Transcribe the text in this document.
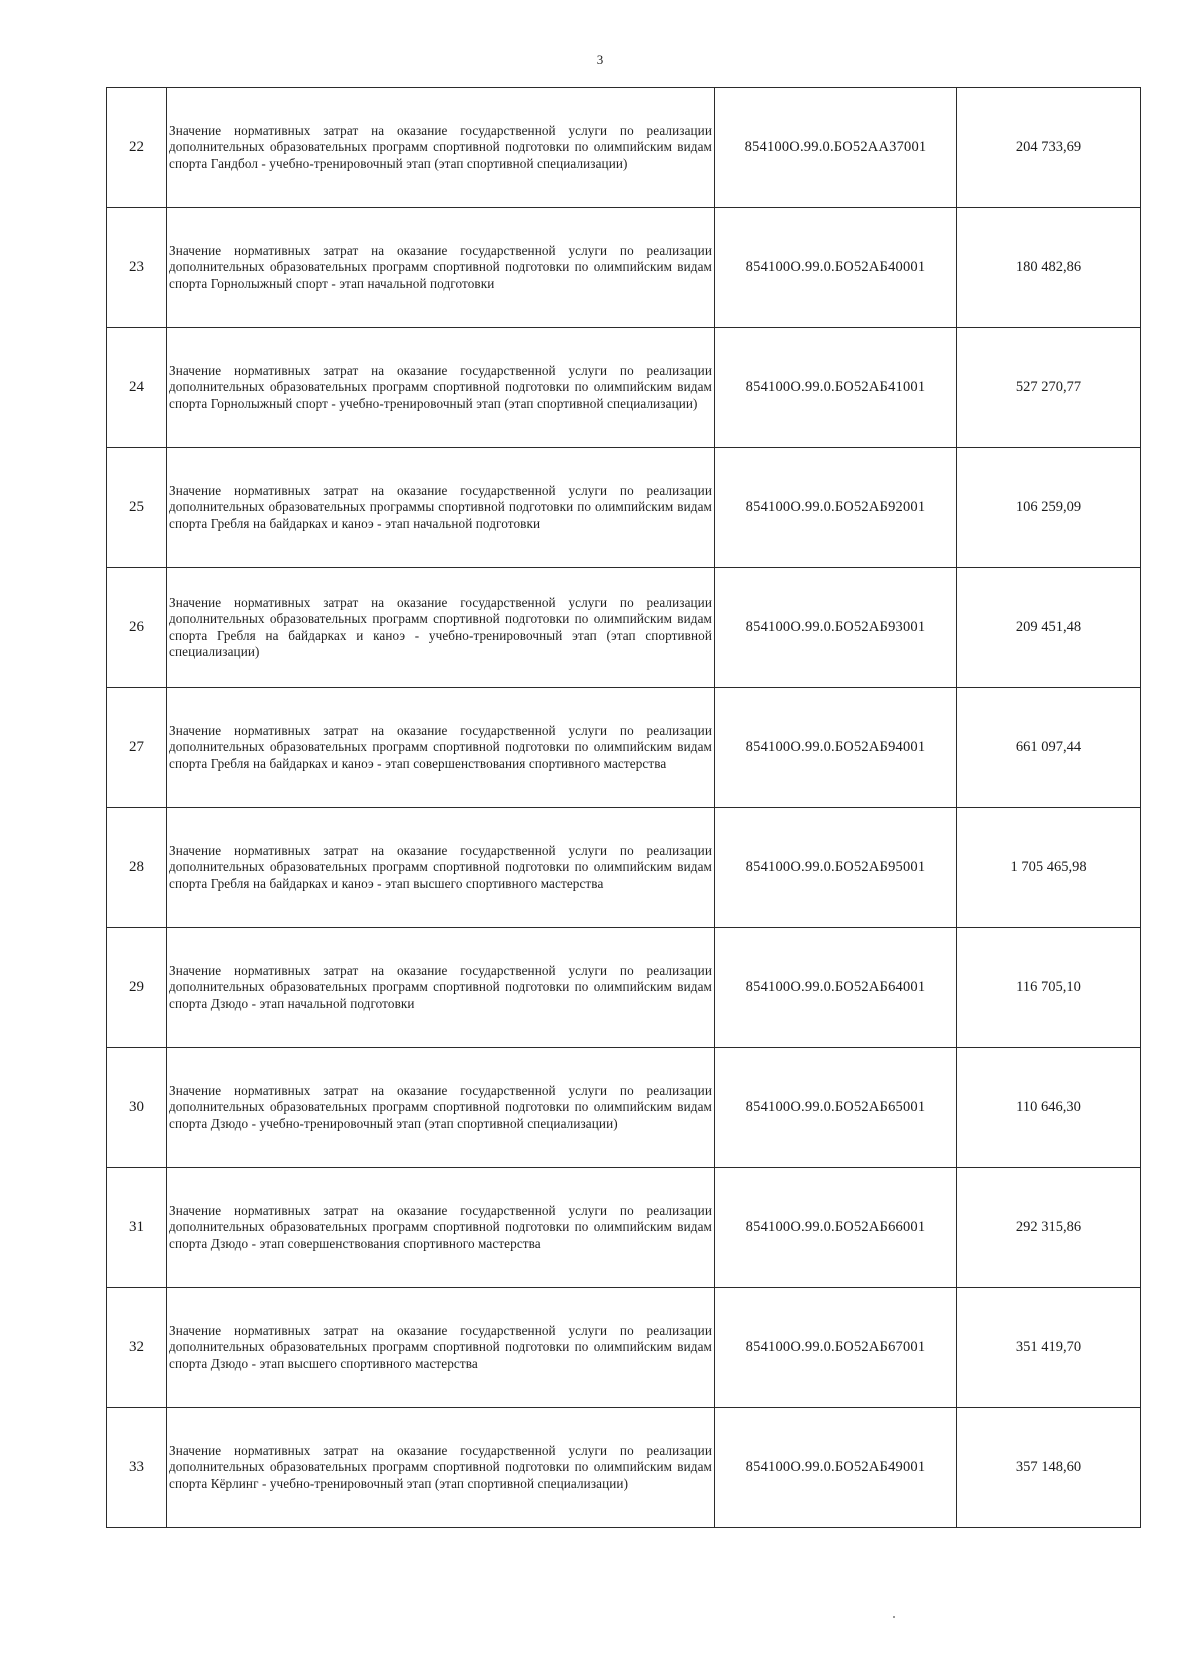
3
22	Значение нормативных затрат на оказание государственной услуги по реализации дополнительных образовательных программ спортивной подготовки по олимпийским видам спорта Гандбол - учебно-тренировочный этап (этап спортивной специализации)	854100О.99.0.БО52АА37001	204 733,69
23	Значение нормативных затрат на оказание государственной услуги по реализации дополнительных образовательных программ спортивной подготовки по олимпийским видам спорта Горнолыжный спорт - этап начальной подготовки	854100О.99.0.БО52АБ40001	180 482,86
24	Значение нормативных затрат на оказание государственной услуги по реализации дополнительных образовательных программ спортивной подготовки по олимпийским видам спорта Горнолыжный спорт - учебно-тренировочный этап (этап спортивной специализации)	854100О.99.0.БО52АБ41001	527 270,77
25	Значение нормативных затрат на оказание государственной услуги по реализации дополнительных образовательных программы спортивной подготовки по олимпийским видам спорта Гребля на байдарках и каноэ - этап начальной подготовки	854100О.99.0.БО52АБ92001	106 259,09
26	Значение нормативных затрат на оказание государственной услуги по реализации дополнительных образовательных программ спортивной подготовки по олимпийским видам спорта Гребля на байдарках и каноэ - учебно-тренировочный этап (этап спортивной специализации)	854100О.99.0.БО52АБ93001	209 451,48
27	Значение нормативных затрат на оказание государственной услуги по реализации дополнительных образовательных программ спортивной подготовки по олимпийским видам спорта Гребля на байдарках и каноэ - этап совершенствования спортивного мастерства	854100О.99.0.БО52АБ94001	661 097,44
28	Значение нормативных затрат на оказание государственной услуги по реализации дополнительных образовательных программ спортивной подготовки по олимпийским видам спорта Гребля на байдарках и каноэ - этап высшего спортивного мастерства	854100О.99.0.БО52АБ95001	1 705 465,98
29	Значение нормативных затрат на оказание государственной услуги по реализации дополнительных образовательных программ спортивной подготовки по олимпийским видам спорта Дзюдо - этап начальной подготовки	854100О.99.0.БО52АБ64001	116 705,10
30	Значение нормативных затрат на оказание государственной услуги по реализации дополнительных образовательных программ спортивной подготовки по олимпийским видам спорта Дзюдо - учебно-тренировочный этап (этап спортивной специализации)	854100О.99.0.БО52АБ65001	110 646,30
31	Значение нормативных затрат на оказание государственной услуги по реализации дополнительных образовательных программ спортивной подготовки по олимпийским видам спорта Дзюдо - этап совершенствования спортивного мастерства	854100О.99.0.БО52АБ66001	292 315,86
32	Значение нормативных затрат на оказание государственной услуги по реализации дополнительных образовательных программ спортивной подготовки по олимпийским видам спорта Дзюдо - этап высшего спортивного мастерства	854100О.99.0.БО52АБ67001	351 419,70
33	Значение нормативных затрат на оказание государственной услуги по реализации дополнительных образовательных программ спортивной подготовки по олимпийским видам спорта Кёрлинг - учебно-тренировочный этап (этап спортивной специализации)	854100О.99.0.БО52АБ49001	357 148,60
